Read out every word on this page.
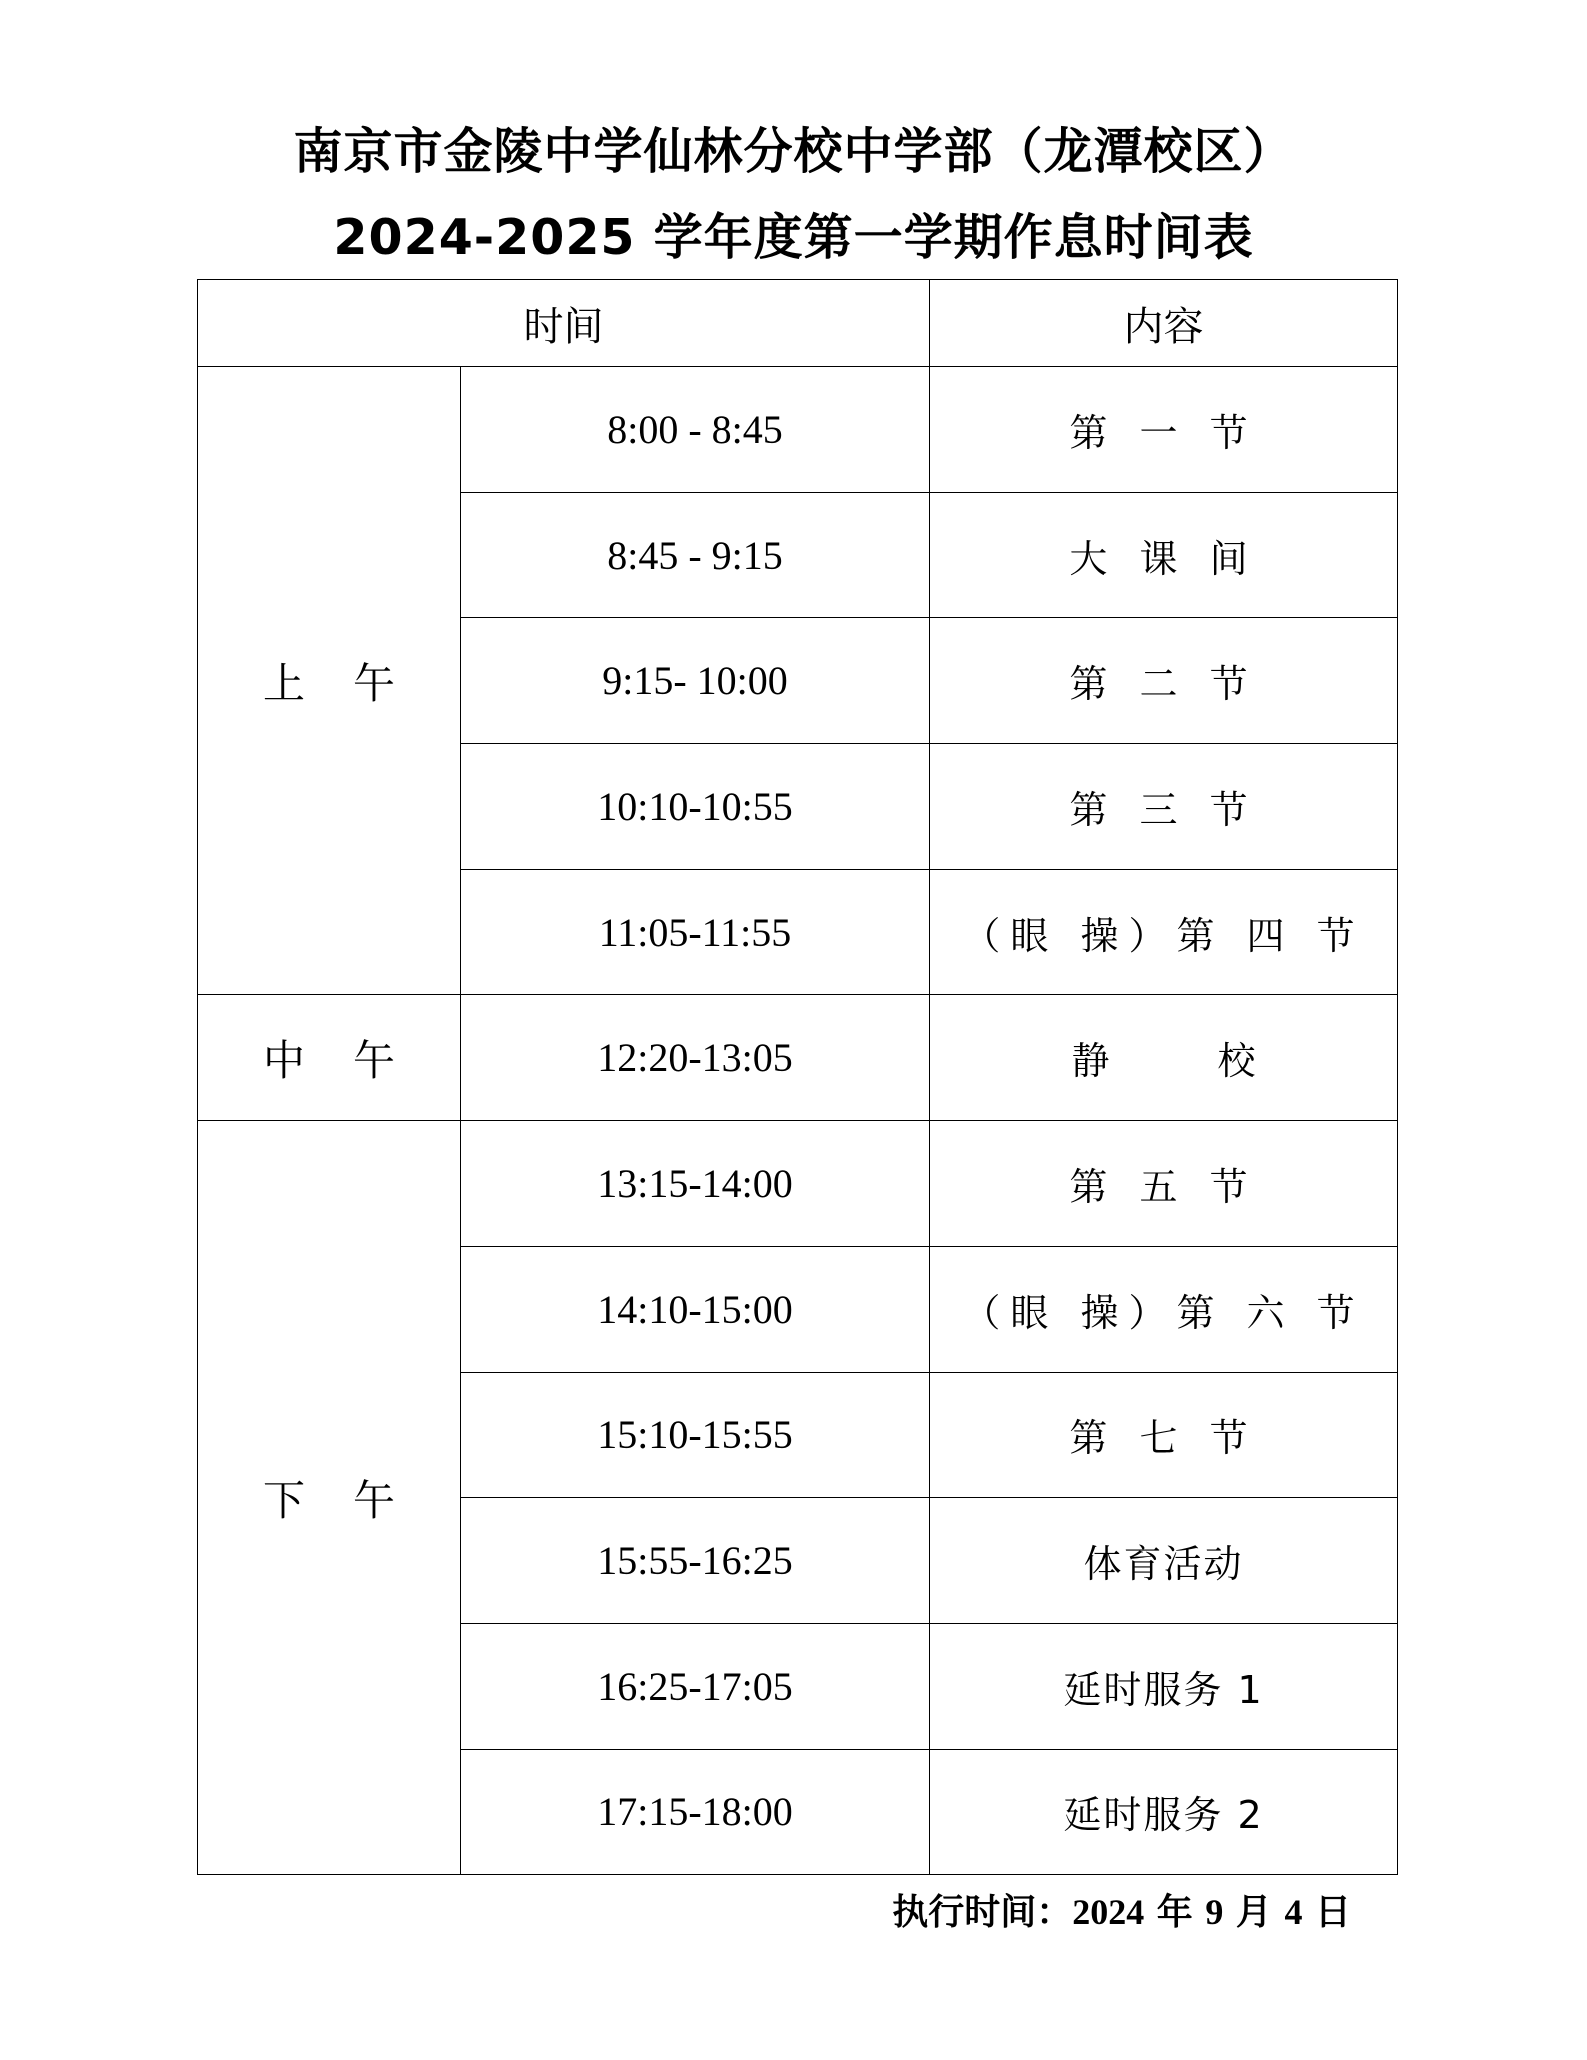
南京市金陵中学仙林分校中学部（龙潭校区）
2024-2025 学年度第一学期作息时间表
时间		内容
上午	8:00 - 8:45	第 一 节
	8:45 - 9:15	大 课 间
	9:15- 10:00	第 二 节
	10:10-10:55	第 三 节
	11:05-11:55	（眼 操）第 四 节
中午	12:20-13:05	静 校
下午	13:15-14:00	第 五 节
	14:10-15:00	（眼 操）第 六 节
	15:10-15:55	第 七 节
	15:55-16:25	体育活动
	16:25-17:05	延时服务 1
	17:15-18:00	延时服务 2
执行时间：2024 年 9 月 4 日
